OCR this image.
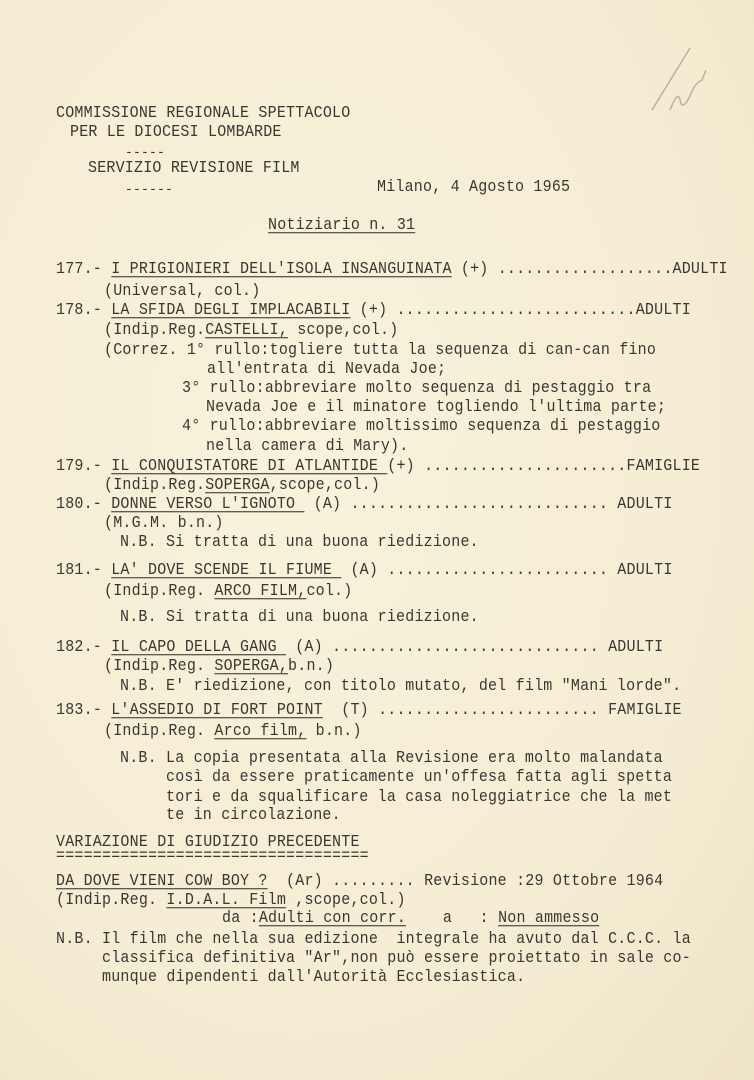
COMMISSIONE REGIONALE SPETTACOLO
PER LE DIOCESI LOMBARDE
-----
SERVIZIO REVISIONE FILM
------	Milano, 4 Agosto 1965
Notiziario n. 31
177.- I PRIGIONIERI DELL'ISOLA INSANGUINATA (+) ...................ADULTI
(Universal, col.)
178.- LA SFIDA DEGLI IMPLACABILI (+) ..........................ADULTI
(Indip.Reg.CASTELLI, scope,col.)
(Correz. 1° rullo:togliere tutta la sequenza di can-can fino
all'entrata di Nevada Joe;
3° rullo:abbreviare molto sequenza di pestaggio tra
Nevada Joe e il minatore togliendo l'ultima parte;
4° rullo:abbreviare moltissimo sequenza di pestaggio
nella camera di Mary).
179.- IL CONQUISTATORE DI ATLANTIDE (+) ......................FAMIGLIE
(Indip.Reg.SOPERGA,scope,col.)
180.- DONNE VERSO L'IGNOTO  (A) ............................ ADULTI
(M.G.M. b.n.)
N.B. Si tratta di una buona riedizione.
181.- LA' DOVE SCENDE IL FIUME  (A) ........................ ADULTI
(Indip.Reg. ARCO FILM,col.)
N.B. Si tratta di una buona riedizione.
182.- IL CAPO DELLA GANG  (A) ............................. ADULTI
(Indip.Reg. SOPERGA,b.n.)
N.B. E' riedizione, con titolo mutato, del film "Mani lorde".
183.- L'ASSEDIO DI FORT POINT  (T) ........................ FAMIGLIE
(Indip.Reg. Arco film, b.n.)
N.B. La copia presentata alla Revisione era molto malandata
così da essere praticamente un'offesa fatta agli spetta
tori e da squalificare la casa noleggiatrice che la met
te in circolazione.
VARIAZIONE DI GIUDIZIO PRECEDENTE
==================================
DA DOVE VIENI COW BOY ?  (Ar) ......... Revisione :29 Ottobre 1964
(Indip.Reg. I.D.A.L. Film ,scope,col.)
da :Adulti con corr.    a   : Non ammesso
N.B. Il film che nella sua edizione  integrale ha avuto dal C.C.C. la
classifica definitiva "Ar",non può essere proiettato in sale co-
munque dipendenti dall'Autorità Ecclesiastica.
